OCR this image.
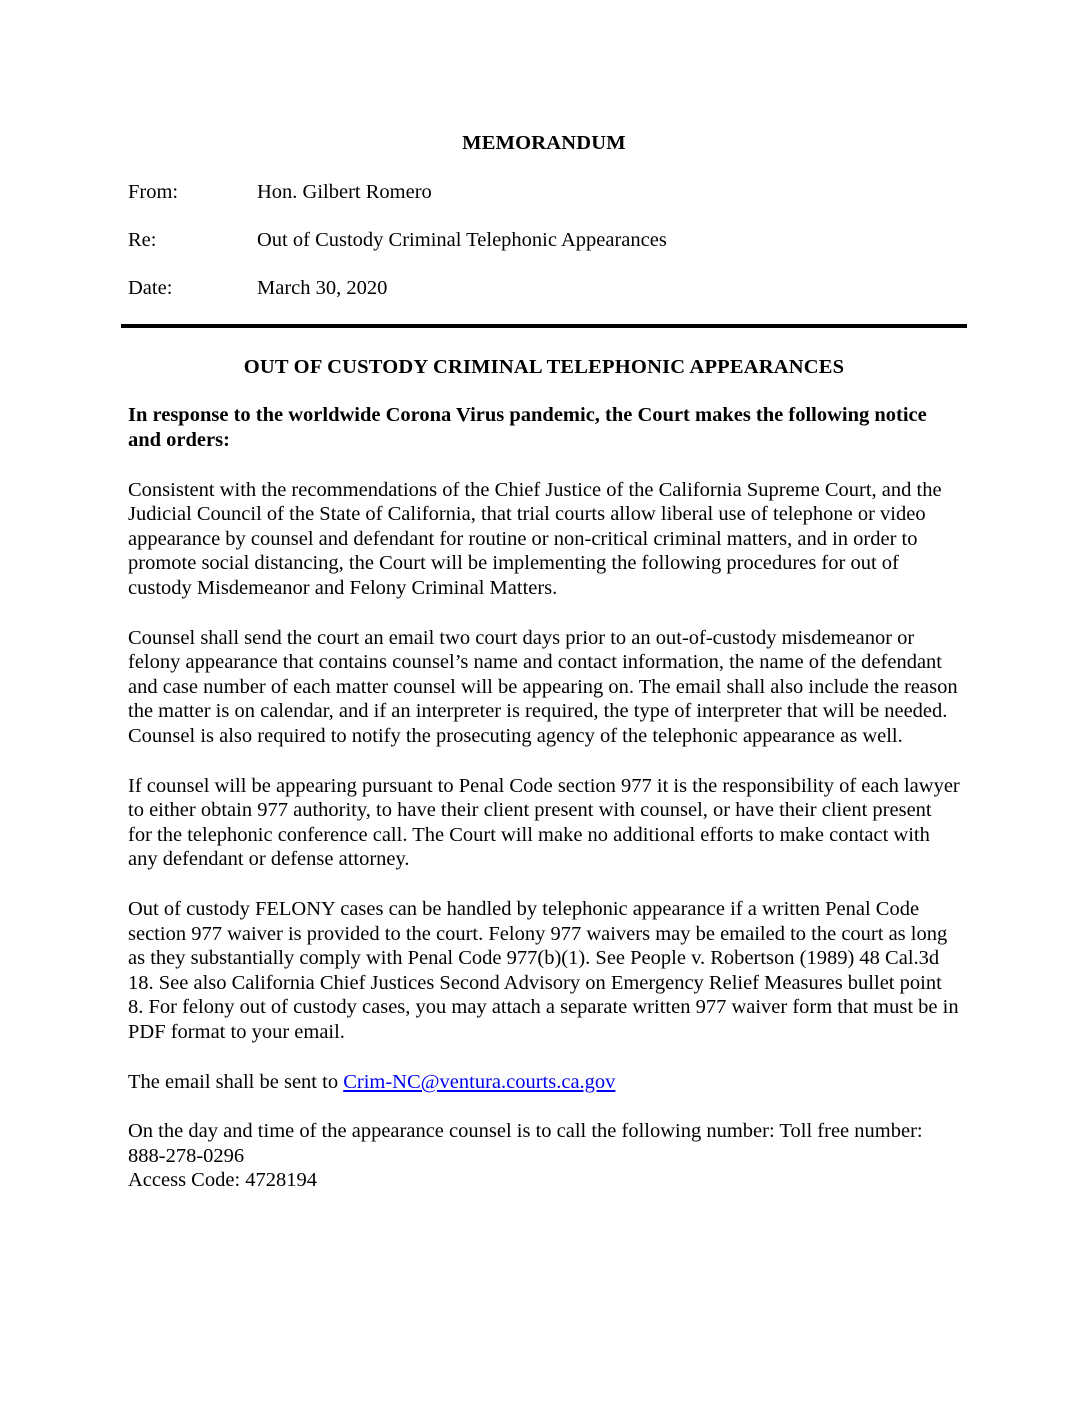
MEMORANDUM
From:	Hon. Gilbert Romero
Re:	Out of Custody Criminal Telephonic Appearances
Date:	March 30, 2020
OUT OF CUSTODY CRIMINAL TELEPHONIC APPEARANCES

In response to the worldwide Corona Virus pandemic, the Court makes the following notice and orders:

Consistent with the recommendations of the Chief Justice of the California Supreme Court, and the Judicial Council of the State of California, that trial courts allow liberal use of telephone or video appearance by counsel and defendant for routine or non-critical criminal matters, and in order to promote social distancing, the Court will be implementing the following procedures for out of custody Misdemeanor and Felony Criminal Matters.

Counsel shall send the court an email two court days prior to an out-of-custody misdemeanor or felony appearance that contains counsel’s name and contact information, the name of the defendant and case number of each matter counsel will be appearing on. The email shall also include the reason the matter is on calendar, and if an interpreter is required, the type of interpreter that will be needed. Counsel is also required to notify the prosecuting agency of the telephonic appearance as well.

If counsel will be appearing pursuant to Penal Code section 977 it is the responsibility of each lawyer to either obtain 977 authority, to have their client present with counsel, or have their client present for the telephonic conference call. The Court will make no additional efforts to make contact with any defendant or defense attorney.

Out of custody FELONY cases can be handled by telephonic appearance if a written Penal Code section 977 waiver is provided to the court. Felony 977 waivers may be emailed to the court as long as they substantially comply with Penal Code 977(b)(1). See People v. Robertson (1989) 48 Cal.3d 18. See also California Chief Justices Second Advisory on Emergency Relief Measures bullet point 8. For felony out of custody cases, you may attach a separate written 977 waiver form that must be in PDF format to your email.

The email shall be sent to Crim-NC@ventura.courts.ca.gov

On the day and time of the appearance counsel is to call the following number: Toll free number:
888-278-0296
Access Code: 4728194
